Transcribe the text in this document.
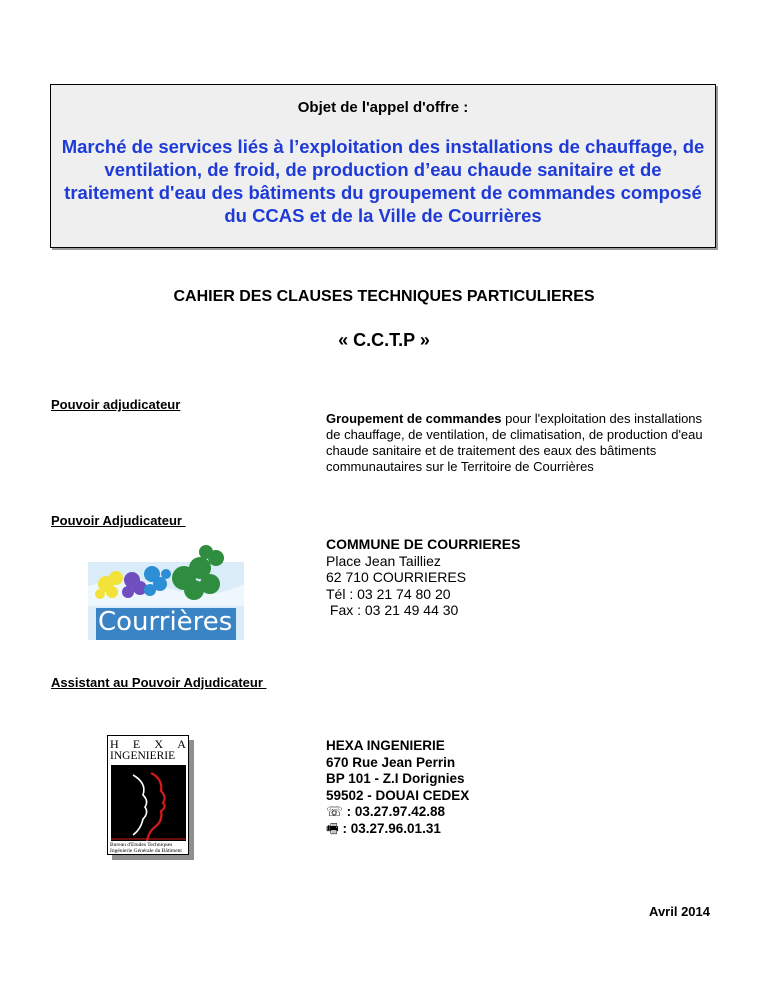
Objet de l'appel d'offre :
Marché de services liés à l’exploitation des installations de chauffage, de ventilation, de froid, de production d’eau chaude sanitaire et de traitement d'eau des bâtiments du groupement de commandes composé du CCAS et de la Ville de Courrières
CAHIER DES CLAUSES TECHNIQUES PARTICULIERES
« C.C.T.P »
Pouvoir adjudicateur
Groupement de commandes pour l'exploitation des installations de chauffage, de ventilation, de climatisation, de production d'eau chaude sanitaire et de traitement des eaux des bâtiments communautaires sur le Territoire de Courrières
Pouvoir Adjudicateur
Courrières
COMMUNE DE COURRIERES
Place Jean Tailliez
62 710 COURRIERES
Tél : 03 21 74 80 20
Fax : 03 21 49 44 30
Assistant au Pouvoir Adjudicateur
H E X A
INGENIERIE
Bureau d'Etudes Techniques
Ingénierie Générale du Bâtiment
HEXA INGENIERIE
670 Rue Jean Perrin
BP 101 - Z.I Dorignies
59502 - DOUAI CEDEX
☏ : 03.27.97.42.88
🖷 : 03.27.96.01.31
Avril 2014
